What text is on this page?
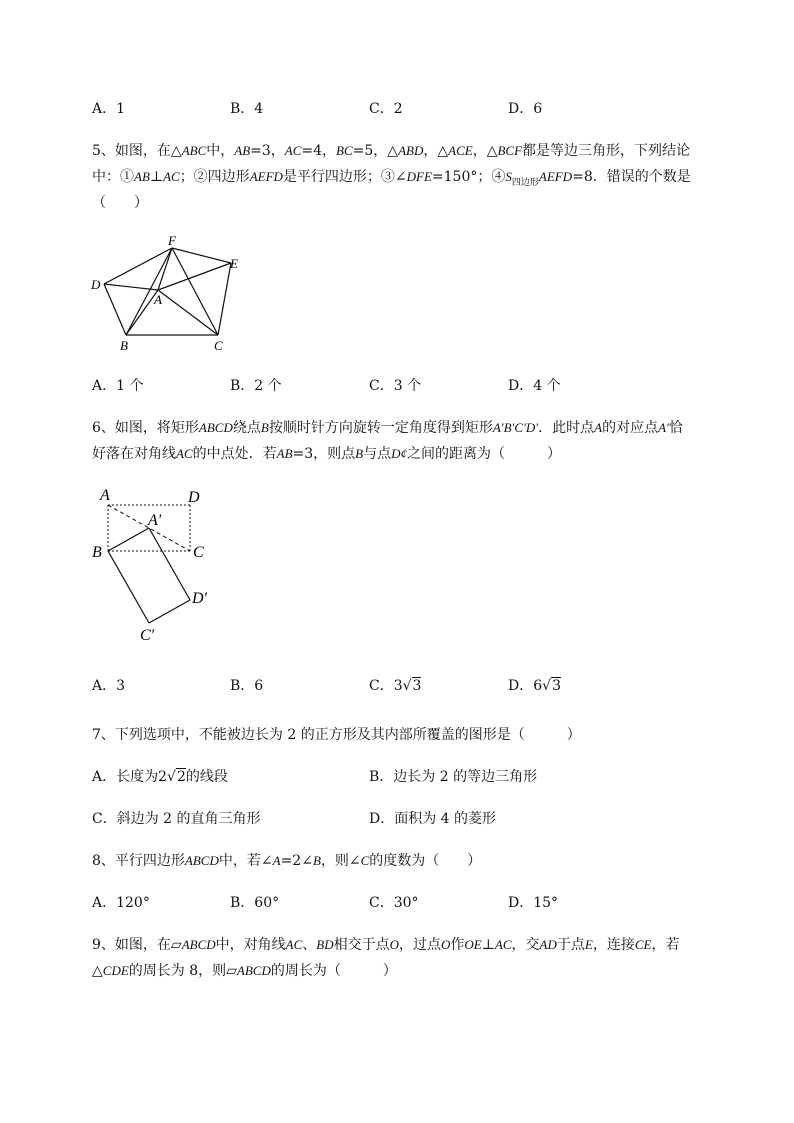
A．1	B．4	C．2	D．6
5、如图，在△ABC中，AB=3，AC=4，BC=5，△ABD，△ACE，△BCF都是等边三角形，下列结论
中：①AB⊥AC；②四边形AEFD是平行四边形；③∠DFE=150°；$④S_{四边形}AEFD=8$．错误的个数是
（　　）
F
E
D
A
B	C
A．1 个	B．2 个	C．3 个	D．4 个
6、如图，将矩形ABCD绕点B按顺时针方向旋转一定角度得到矩形A′B′C′D′．此时点A的对应点A′恰
好落在对角线AC的中点处．若AB=3，则点B与点D¢之间的距离为（　　　）
A	D
A′
B	C
D′
C′
A．3	B．6	C．3√3	D．6√3
7、下列选项中，不能被边长为 2 的正方形及其内部所覆盖的图形是（　　　）
A．长度为2√2的线段	B．边长为 2 的等边三角形
C．斜边为 2 的直角三角形	D．面积为 4 的菱形
8、平行四边形ABCD中，若∠A=2∠B，则∠C的度数为（　　）
A．120°	B．60°	C．30°	D．15°
9、如图，在▱ABCD中，对角线AC、BD相交于点O，过点O作OE⊥AC，交AD于点E，连接CE，若
△CDE的周长为 8，则▱ABCD的周长为（　　　）
